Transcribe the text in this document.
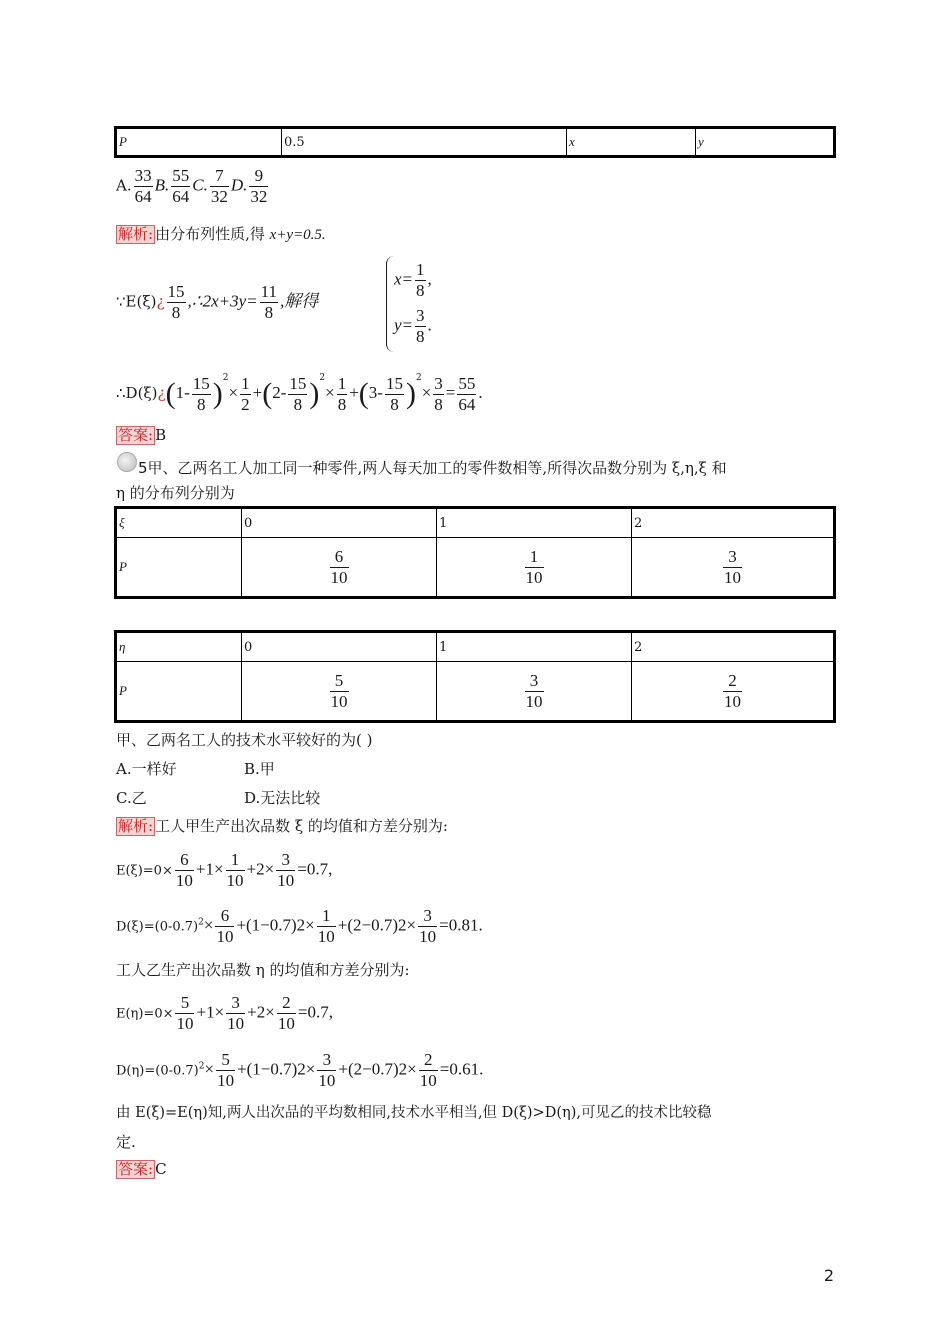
P	0.5	x	y
A. $\frac{33}{64} B$. $\frac{55}{64} C$. $\frac{7}{32} D$. $\frac{9}{32}$
解析: 由分布列性质,得 x+y=0.5.
∵E(ξ)¿ $\frac{15}{8}$ ,∴2x+3y= $\frac{11}{8}$ ,解得
$x= \frac{1}{8}$ ,
$y= \frac{3}{8}$ .
∴D(ξ)¿(1- $\frac{15}{8} )^2\times \frac{1}{2} +(2- \frac{15}{8} )^2\times \frac{1}{8} +(3- \frac{15}{8} )^2\times \frac{3}{8} = \frac{55}{64}$ .
答案: B
5甲、乙两名工人加工同一种零件,两人每天加工的零件数相等,所得次品数分别为 ξ,η,ξ 和
η 的分布列分别为
ξ	0	1	2
P	$\frac{6}{10}$	$\frac{1}{10}$	$\frac{3}{10}$
η	0	1	2
P	$\frac{5}{10}$	$\frac{3}{10}$	$\frac{2}{10}$
甲、乙两名工人的技术水平较好的为( )
A.一样好	B.甲
C.乙	D.无法比较
解析: 工人甲生产出次品数 ξ 的均值和方差分别为:
$E(\xi)=0\times \frac{6}{10} +1\times \frac{1}{10} +2\times \frac{3}{10} =0.7$,
$D(\xi)=(0-0.7)^2\times \frac{6}{10} +(1-0.7)2\times \frac{1}{10} +(2-0.7)2\times \frac{3}{10} =0.81$.
工人乙生产出次品数 η 的均值和方差分别为:
$E(\eta)=0\times \frac{5}{10} +1\times \frac{3}{10} +2\times \frac{2}{10} =0.7$,
$D(\eta)=(0-0.7)^2\times \frac{5}{10} +(1-0.7)2\times \frac{3}{10} +(2-0.7)2\times \frac{2}{10} =0.61$.
由 E(ξ)=E(η)知,两人出次品的平均数相同,技术水平相当,但 D(ξ)>D(η),可见乙的技术比较稳
定.
答案: C
2
